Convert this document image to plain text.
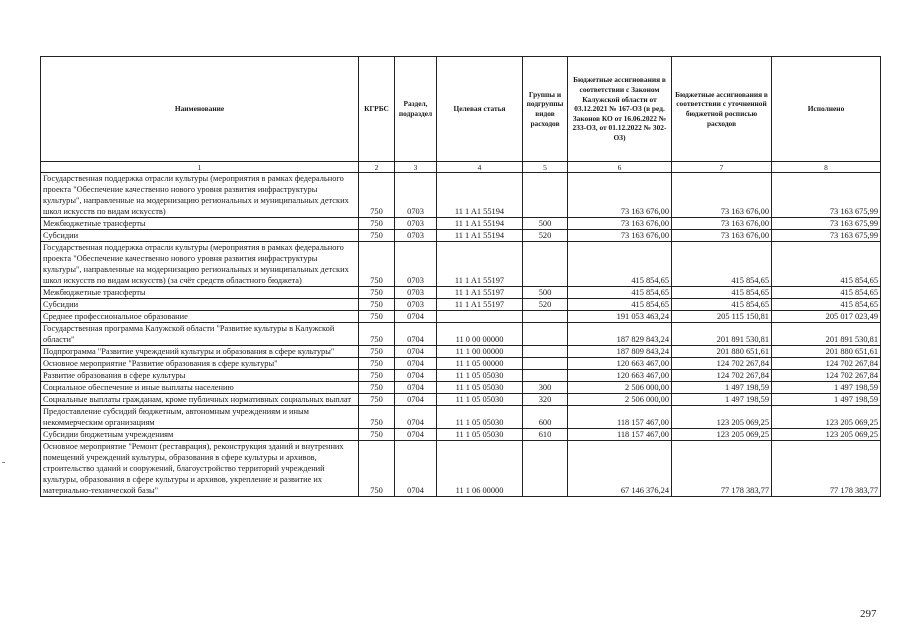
Наименование	КГРБС	Раздел, подраздел	Целевая статья	Группы и подгруппы видов расходов	Бюджетные ассигнования в соответствии с Законом Калужской области от 03.12.2021 № 167-ОЗ (в ред. Законов КО от 16.06.2022 № 233-ОЗ, от 01.12.2022 № 302-ОЗ)	Бюджетные ассигнования в соответствии с уточненной бюджетной росписью расходов	Исполнено
1	2	3	4	5	6	7	8
Государственная поддержка отрасли культуры (мероприятия в рамках федерального проекта "Обеспечение качественно нового уровня развития инфраструктуры культуры", направленные на модернизацию региональных и муниципальных детских школ искусств по видам искусств)	750	0703	11 1 A1 55194		73 163 676,00	73 163 676,00	73 163 675,99
Межбюджетные трансферты	750	0703	11 1 A1 55194	500	73 163 676,00	73 163 676,00	73 163 675,99
Субсидии	750	0703	11 1 A1 55194	520	73 163 676,00	73 163 676,00	73 163 675,99
Государственная поддержка отрасли культуры (мероприятия в рамках федерального проекта "Обеспечение качественно нового уровня развития инфраструктуры культуры", направленные на модернизацию региональных и муниципальных детских школ искусств по видам искусств) (за счёт средств областного бюджета)	750	0703	11 1 A1 55197		415 854,65	415 854,65	415 854,65
Межбюджетные трансферты	750	0703	11 1 A1 55197	500	415 854,65	415 854,65	415 854,65
Субсидии	750	0703	11 1 A1 55197	520	415 854,65	415 854,65	415 854,65
Среднее профессиональное образование	750	0704			191 053 463,24	205 115 150,81	205 017 023,49
Государственная программа Калужской области "Развитие культуры в Калужской области"	750	0704	11 0 00 00000		187 829 843,24	201 891 530,81	201 891 530,81
Подпрограмма "Развитие учреждений культуры и образования в сфере культуры"	750	0704	11 1 00 00000		187 809 843,24	201 880 651,61	201 880 651,61
Основное мероприятие "Развитие образования в сфере культуры"	750	0704	11 1 05 00000		120 663 467,00	124 702 267,84	124 702 267,84
Развитие образования в сфере культуры	750	0704	11 1 05 05030		120 663 467,00	124 702 267,84	124 702 267,84
Социальное обеспечение и иные выплаты населению	750	0704	11 1 05 05030	300	2 506 000,00	1 497 198,59	1 497 198,59
Социальные выплаты гражданам, кроме публичных нормативных социальных выплат	750	0704	11 1 05 05030	320	2 506 000,00	1 497 198,59	1 497 198,59
Предоставление субсидий бюджетным, автономным учреждениям и иным некоммерческим организациям	750	0704	11 1 05 05030	600	118 157 467,00	123 205 069,25	123 205 069,25
Субсидии бюджетным учреждениям	750	0704	11 1 05 05030	610	118 157 467,00	123 205 069,25	123 205 069,25
Основное мероприятие "Ремонт (реставрация), реконструкция зданий и внутренних помещений учреждений культуры, образования в сфере культуры и архивов, строительство зданий и сооружений, благоустройство территорий учреждений культуры, образования в сфере культуры и архивов, укрепление и развитие их материально-технической базы"	750	0704	11 1 06 00000		67 146 376,24	77 178 383,77	77 178 383,77
297
